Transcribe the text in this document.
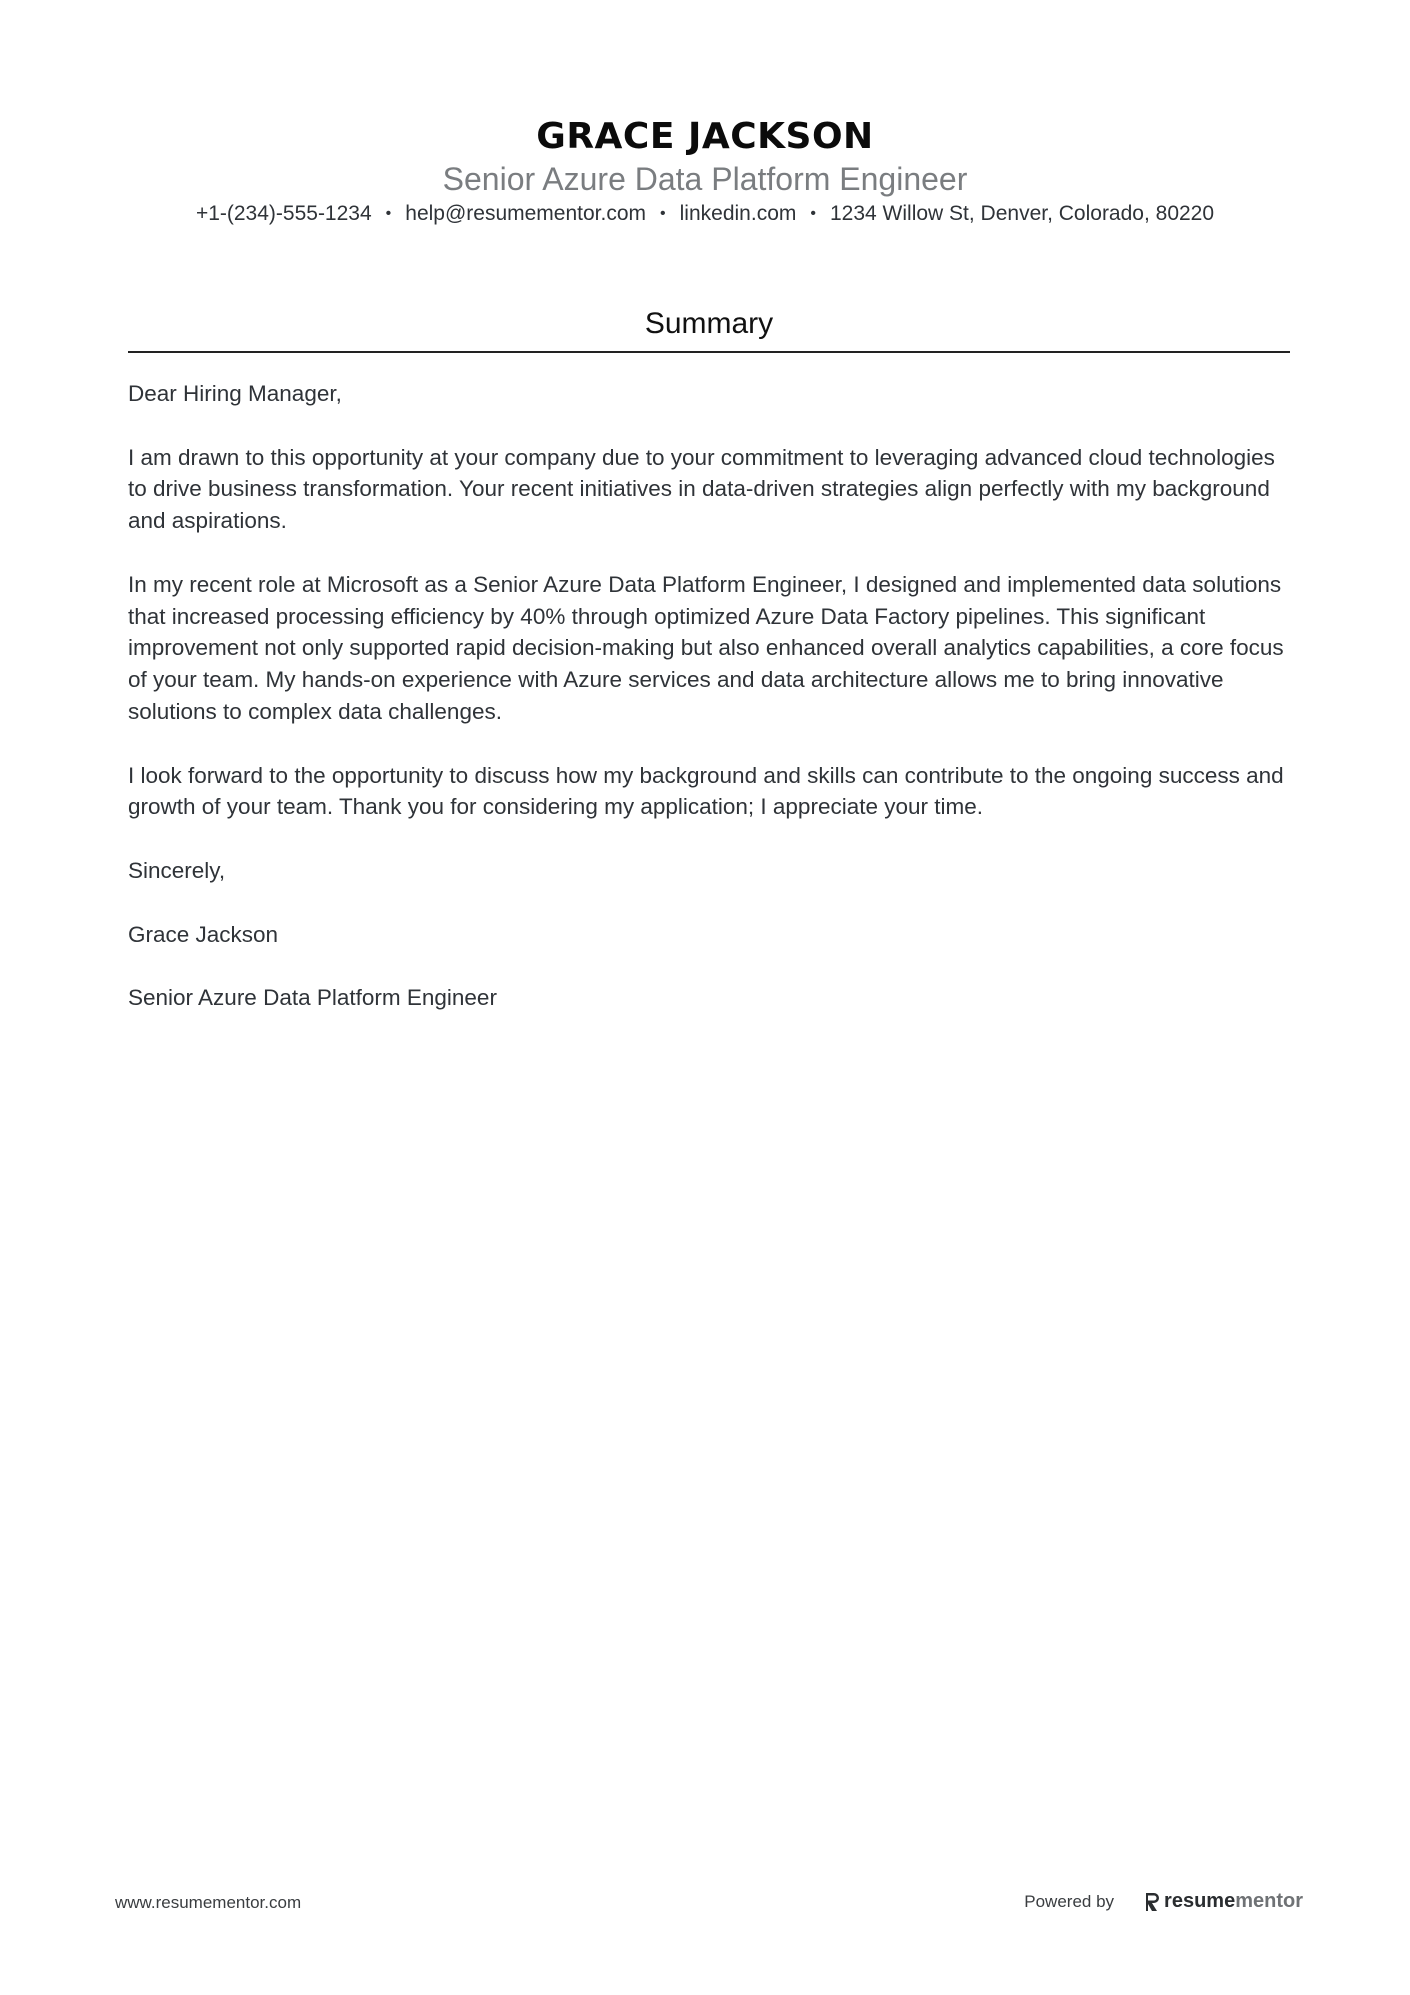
GRACE JACKSON
Senior Azure Data Platform Engineer
+1-(234)-555-1234 • help@resumementor.com • linkedin.com • 1234 Willow St, Denver, Colorado, 80220
Summary

Dear Hiring Manager,

I am drawn to this opportunity at your company due to your commitment to leveraging advanced cloud technologies to drive business transformation. Your recent initiatives in data-driven strategies align perfectly with my background and aspirations.

In my recent role at Microsoft as a Senior Azure Data Platform Engineer, I designed and implemented data solutions that increased processing efficiency by 40% through optimized Azure Data Factory pipelines. This significant improvement not only supported rapid decision-making but also enhanced overall analytics capabilities, a core focus of your team. My hands-on experience with Azure services and data architecture allows me to bring innovative solutions to complex data challenges.

I look forward to the opportunity to discuss how my background and skills can contribute to the ongoing success and growth of your team. Thank you for considering my application; I appreciate your time.

Sincerely,

Grace Jackson

Senior Azure Data Platform Engineer

www.resumementor.com	Powered by	resume mentor
